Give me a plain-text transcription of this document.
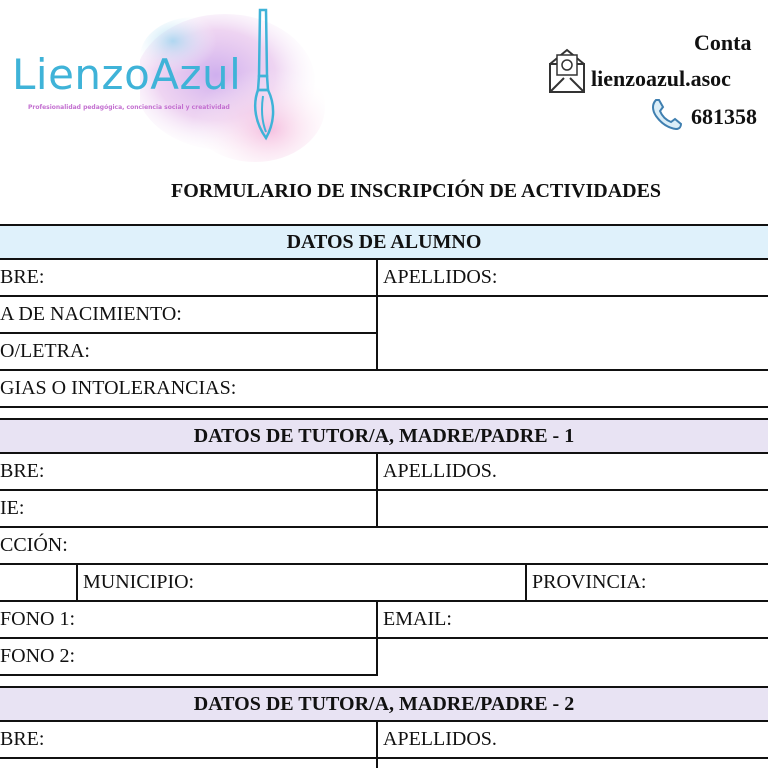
LienzoAzul
Profesionalidad pedagógica, conciencia social y creatividad
Conta
lienzoazul.asoc
681358
FORMULARIO DE INSCRIPCIÓN DE ACTIVIDADES
DATOS DE ALUMNO
BRE:	APELLIDOS:
A DE NACIMIENTO:
O/LETRA:
GIAS O INTOLERANCIAS:
DATOS DE TUTOR/A, MADRE/PADRE - 1
BRE:	APELLIDOS.
IE:
CCIÓN:
MUNICIPIO:	PROVINCIA:
FONO 1:	EMAIL:
FONO 2:
DATOS DE TUTOR/A, MADRE/PADRE - 2
BRE:	APELLIDOS.
